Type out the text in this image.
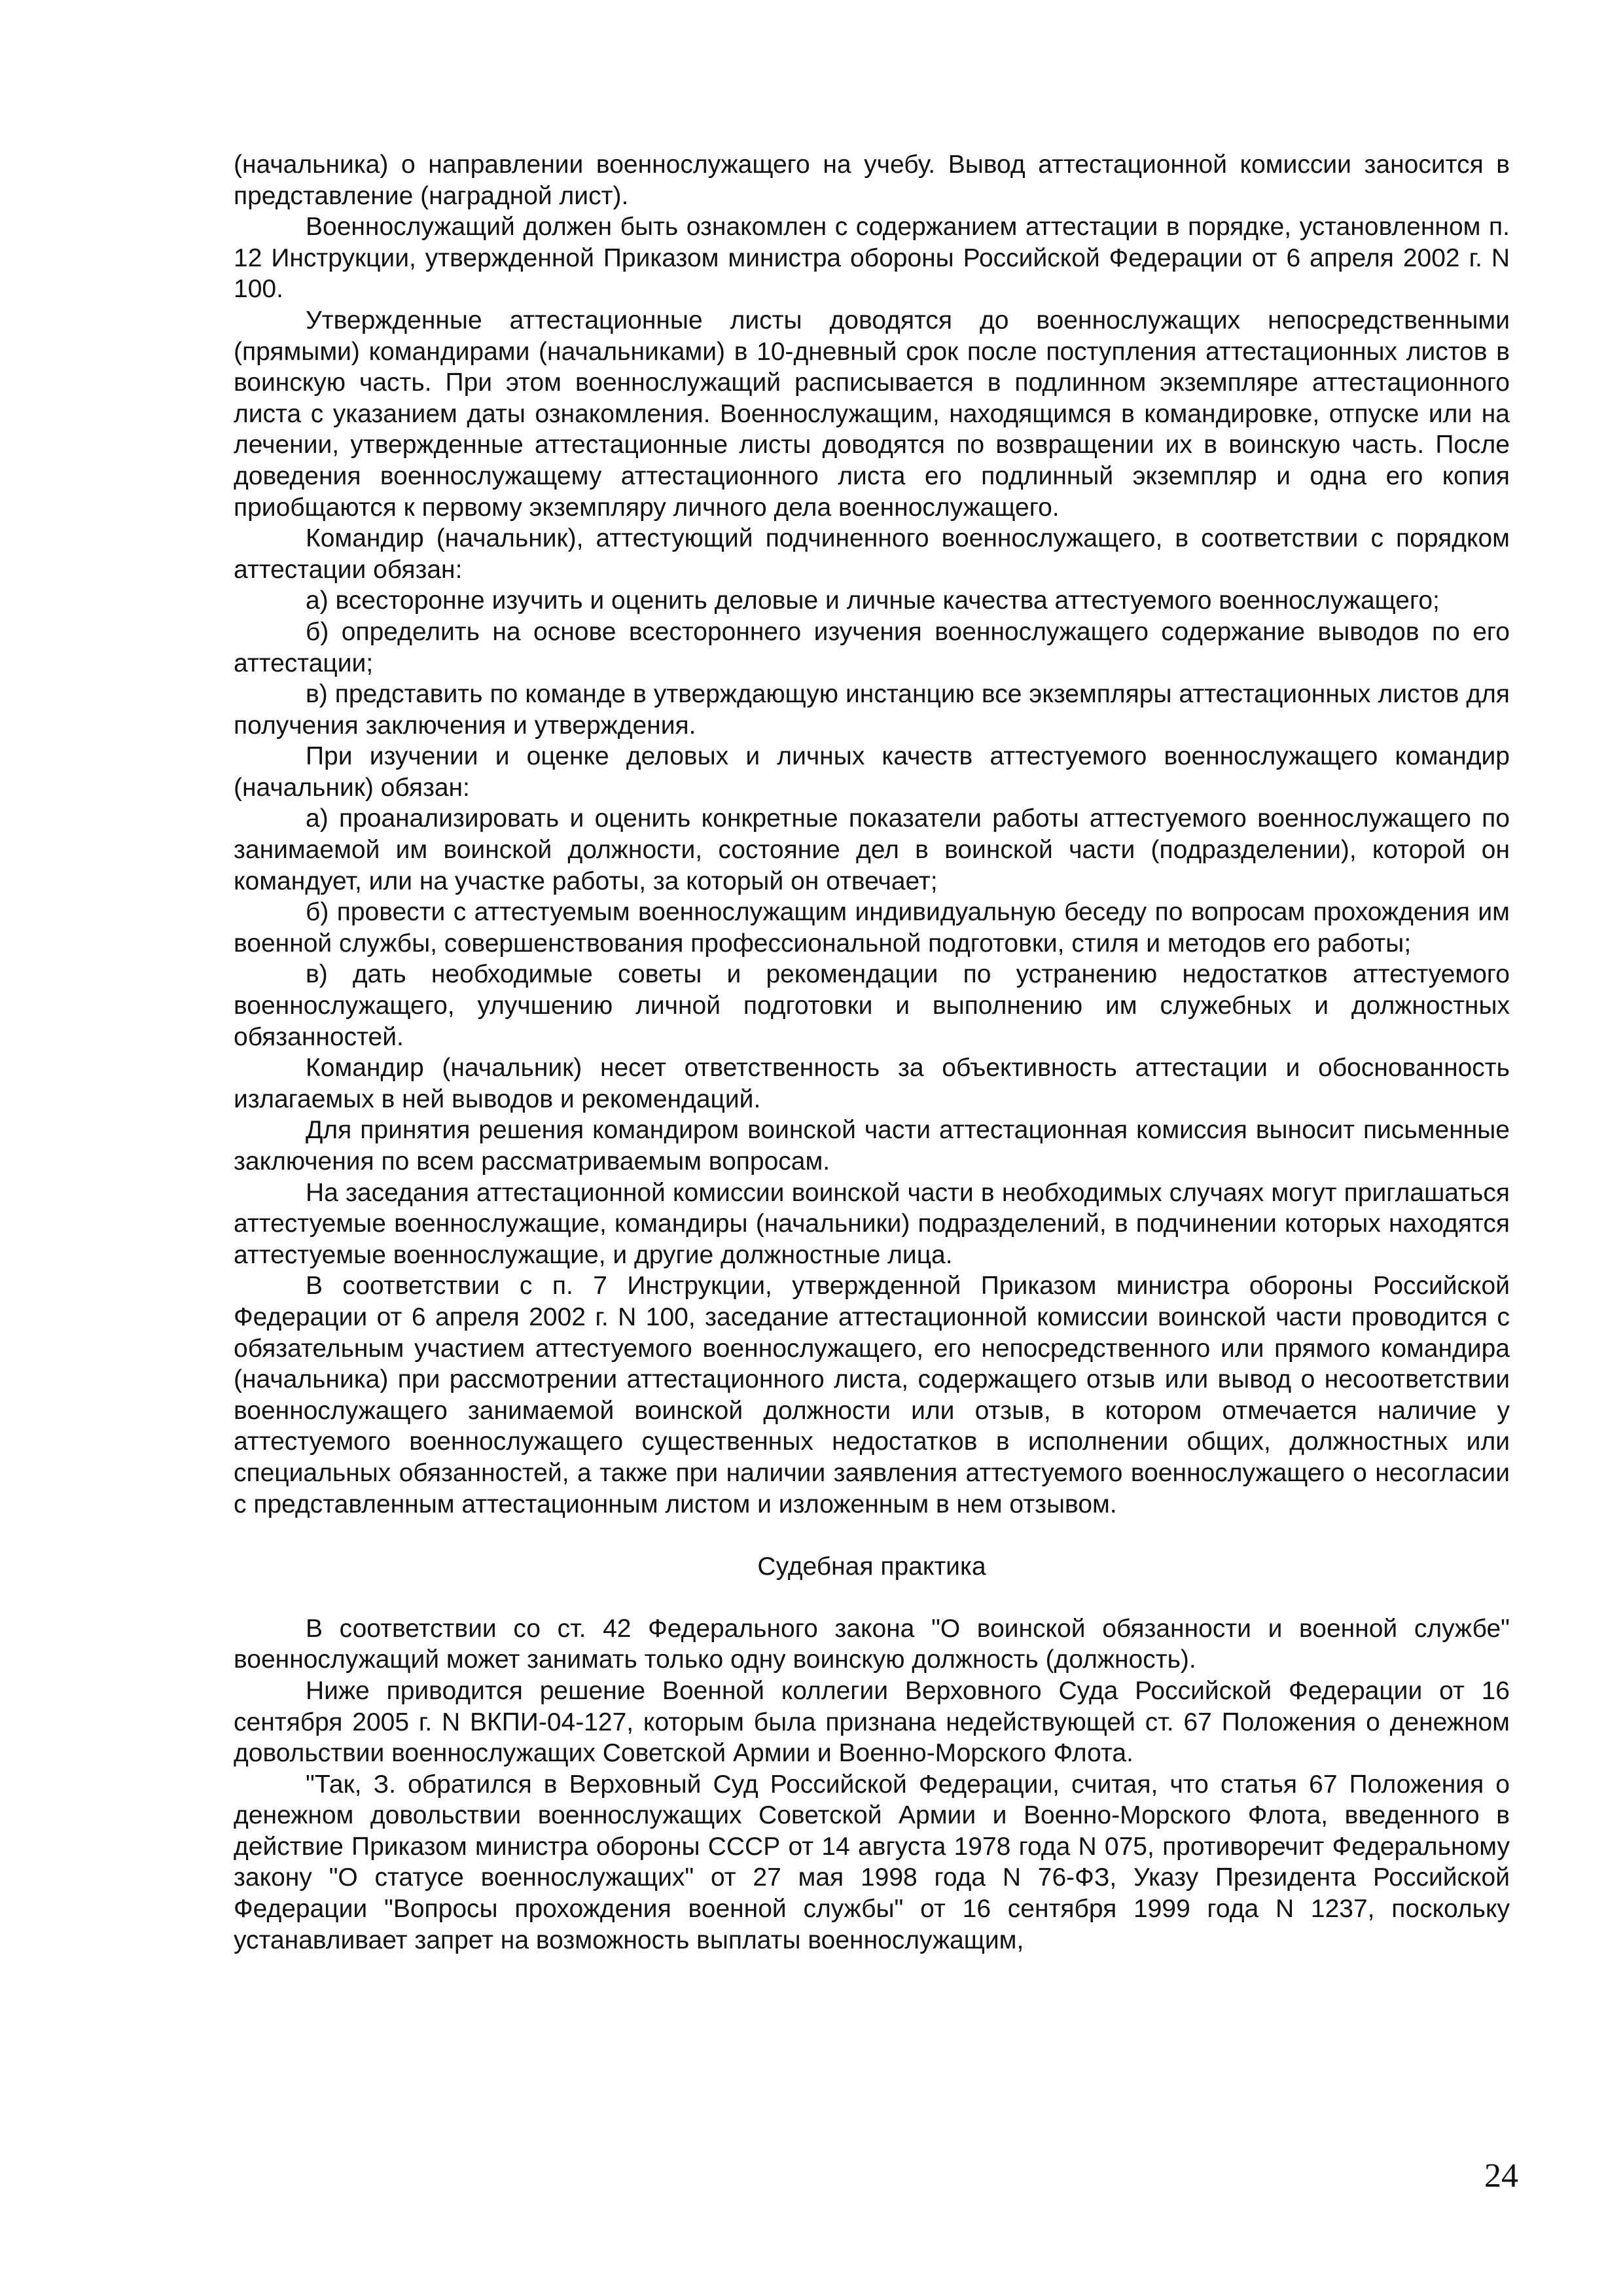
(начальника) о направлении военнослужащего на учебу. Вывод аттестационной комиссии заносится в представление (наградной лист).

Военнослужащий должен быть ознакомлен с содержанием аттестации в порядке, установленном п. 12 Инструкции, утвержденной Приказом министра обороны Российской Федерации от 6 апреля 2002 г. N 100.

Утвержденные аттестационные листы доводятся до военнослужащих непосредственными (прямыми) командирами (начальниками) в 10-дневный срок после поступления аттестационных листов в воинскую часть. При этом военнослужащий расписывается в подлинном экземпляре аттестационного листа с указанием даты ознакомления. Военнослужащим, находящимся в командировке, отпуске или на лечении, утвержденные аттестационные листы доводятся по возвращении их в воинскую часть. После доведения военнослужащему аттестационного листа его подлинный экземпляр и одна его копия приобщаются к первому экземпляру личного дела военнослужащего.

Командир (начальник), аттестующий подчиненного военнослужащего, в соответствии с порядком аттестации обязан:

а) всесторонне изучить и оценить деловые и личные качества аттестуемого военнослужащего;

б) определить на основе всестороннего изучения военнослужащего содержание выводов по его аттестации;

в) представить по команде в утверждающую инстанцию все экземпляры аттестационных листов для получения заключения и утверждения.

При изучении и оценке деловых и личных качеств аттестуемого военнослужащего командир (начальник) обязан:

а) проанализировать и оценить конкретные показатели работы аттестуемого военнослужащего по занимаемой им воинской должности, состояние дел в воинской части (подразделении), которой он командует, или на участке работы, за который он отвечает;

б) провести с аттестуемым военнослужащим индивидуальную беседу по вопросам прохождения им военной службы, совершенствования профессиональной подготовки, стиля и методов его работы;

в) дать необходимые советы и рекомендации по устранению недостатков аттестуемого военнослужащего, улучшению личной подготовки и выполнению им служебных и должностных обязанностей.

Командир (начальник) несет ответственность за объективность аттестации и обоснованность излагаемых в ней выводов и рекомендаций.

Для принятия решения командиром воинской части аттестационная комиссия выносит письменные заключения по всем рассматриваемым вопросам.

На заседания аттестационной комиссии воинской части в необходимых случаях могут приглашаться аттестуемые военнослужащие, командиры (начальники) подразделений, в подчинении которых находятся аттестуемые военнослужащие, и другие должностные лица.

В соответствии с п. 7 Инструкции, утвержденной Приказом министра обороны Российской Федерации от 6 апреля 2002 г. N 100, заседание аттестационной комиссии воинской части проводится с обязательным участием аттестуемого военнослужащего, его непосредственного или прямого командира (начальника) при рассмотрении аттестационного листа, содержащего отзыв или вывод о несоответствии военнослужащего занимаемой воинской должности или отзыв, в котором отмечается наличие у аттестуемого военнослужащего существенных недостатков в исполнении общих, должностных или специальных обязанностей, а также при наличии заявления аттестуемого военнослужащего о несогласии с представленным аттестационным листом и изложенным в нем отзывом.

Судебная практика

В соответствии со ст. 42 Федерального закона "О воинской обязанности и военной службе" военнослужащий может занимать только одну воинскую должность (должность).

Ниже приводится решение Военной коллегии Верховного Суда Российской Федерации от 16 сентября 2005 г. N ВКПИ-04-127, которым была признана недействующей ст. 67 Положения о денежном довольствии военнослужащих Советской Армии и Военно-Морского Флота.

"Так, З. обратился в Верховный Суд Российской Федерации, считая, что статья 67 Положения о денежном довольствии военнослужащих Советской Армии и Военно-Морского Флота, введенного в действие Приказом министра обороны СССР от 14 августа 1978 года N 075, противоречит Федеральному закону "О статусе военнослужащих" от 27 мая 1998 года N 76-ФЗ, Указу Президента Российской Федерации "Вопросы прохождения военной службы" от 16 сентября 1999 года N 1237, поскольку устанавливает запрет на возможность выплаты военнослужащим,

24
